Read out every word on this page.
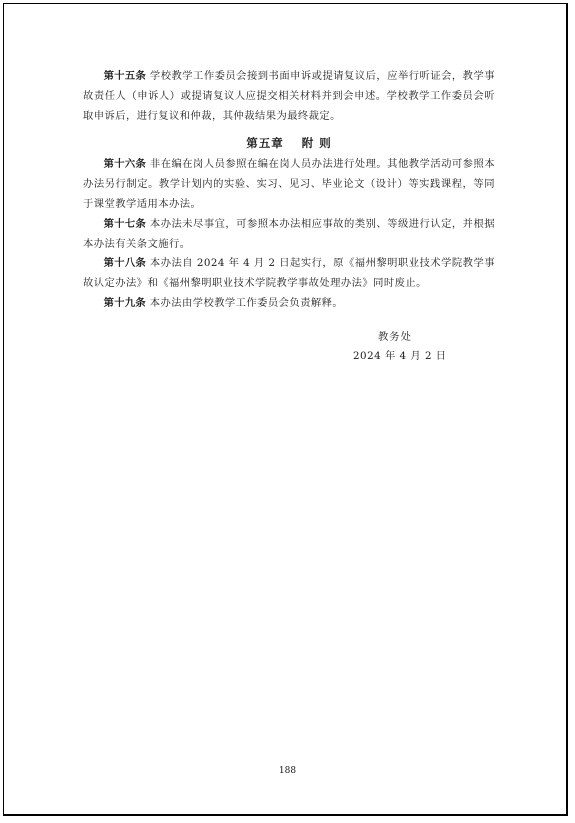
第十五条 学校教学工作委员会接到书面申诉或提请复议后，应举行听证会，教学事故责任人（申诉人）或提请复议人应提交相关材料并到会申述。学校教学工作委员会听取申诉后，进行复议和仲裁，其仲裁结果为最终裁定。

第五章 附 则

第十六条 非在编在岗人员参照在编在岗人员办法进行处理。其他教学活动可参照本办法另行制定。教学计划内的实验、实习、见习、毕业论文（设计）等实践课程，等同于课堂教学适用本办法。

第十七条 本办法未尽事宜，可参照本办法相应事故的类别、等级进行认定，并根据本办法有关条文施行。

第十八条 本办法自 2024 年 4 月 2 日起实行，原《福州黎明职业技术学院教学事故认定办法》和《福州黎明职业技术学院教学事故处理办法》同时废止。

第十九条 本办法由学校教学工作委员会负责解释。

教务处
2024 年 4 月 2 日
188
